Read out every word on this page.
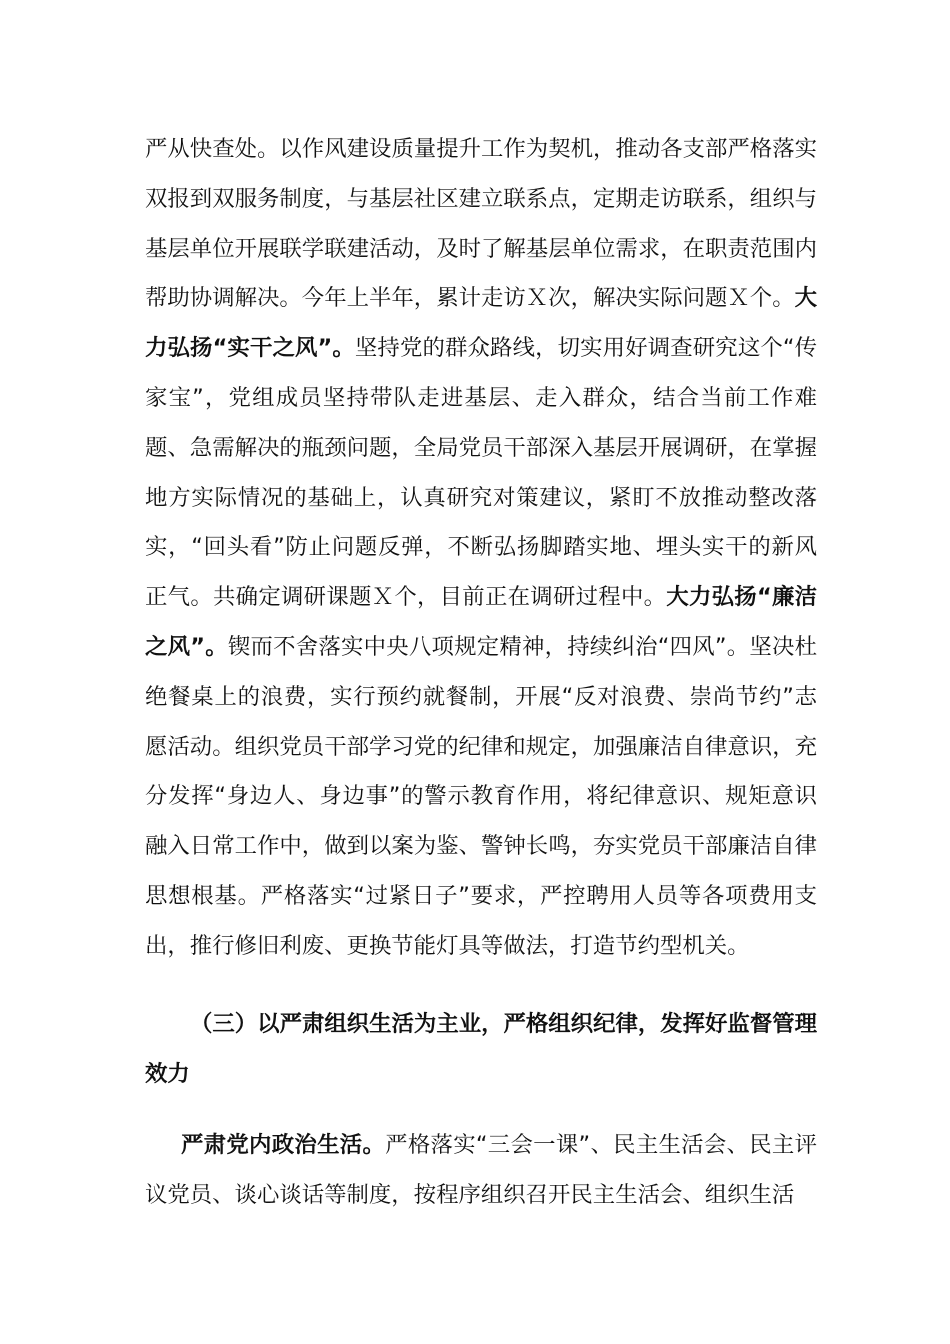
严从快查处。以作风建设质量提升工作为契机，推动各支部严格落实双报到双服务制度，与基层社区建立联系点，定期走访联系，组织与基层单位开展联学联建活动，及时了解基层单位需求，在职责范围内帮助协调解决。今年上半年，累计走访Ｘ次，解决实际问题Ｘ个。大力弘扬“实干之风”。坚持党的群众路线，切实用好调查研究这个“传家宝”，党组成员坚持带队走进基层、走入群众，结合当前工作难题、急需解决的瓶颈问题，全局党员干部深入基层开展调研，在掌握地方实际情况的基础上，认真研究对策建议，紧盯不放推动整改落实，“回头看”防止问题反弹，不断弘扬脚踏实地、埋头实干的新风正气。共确定调研课题Ｘ个，目前正在调研过程中。大力弘扬“廉洁之风”。锲而不舍落实中央八项规定精神，持续纠治“四风”。坚决杜绝餐桌上的浪费，实行预约就餐制，开展“反对浪费、崇尚节约”志愿活动。组织党员干部学习党的纪律和规定，加强廉洁自律意识，充分发挥“身边人、身边事”的警示教育作用，将纪律意识、规矩意识融入日常工作中，做到以案为鉴、警钟长鸣，夯实党员干部廉洁自律思想根基。严格落实“过紧日子”要求，严控聘用人员等各项费用支出，推行修旧利废、更换节能灯具等做法，打造节约型机关。

（三）以严肃组织生活为主业，严格组织纪律，发挥好监督管理效力

严肃党内政治生活。严格落实“三会一课”、民主生活会、民主评议党员、谈心谈话等制度，按程序组织召开民主生活会、组织生活
